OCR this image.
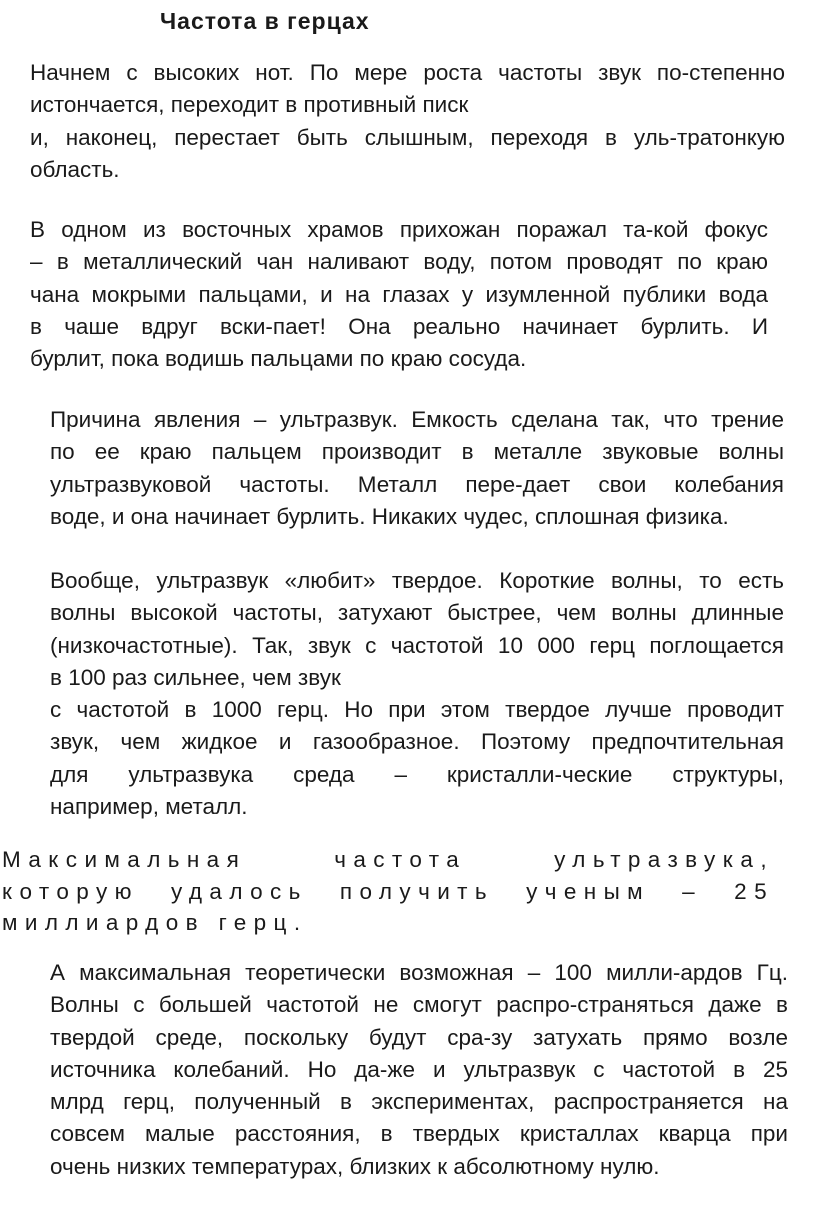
Частота в герцах

Начнем с высоких нот. По мере роста частоты звук по-степенно
истончается, переходит в противный писк
и, наконец, перестает быть слышным, переходя в уль-тратонкую
область.

В одном из восточных храмов прихожан поражал та-кой фокус
– в металлический чан наливают воду, потом проводят по краю
чана мокрыми пальцами, и на глазах у изумленной публики вода
в чаше вдруг вски-пает! Она реально начинает бурлить. И
бурлит, пока водишь пальцами по краю сосуда.

Причина явления – ультразвук. Емкость сделана так, что трение
по ее краю пальцем производит в металле звуковые волны
ультразвуковой частоты. Металл пере-дает свои колебания
воде, и она начинает бурлить. Никаких чудес, сплошная физика.

Вообще, ультразвук «любит» твердое. Короткие волны, то есть
волны высокой частоты, затухают быстрее, чем волны длинные
(низкочастотные). Так, звук с частотой 10 000 герц поглощается
в 100 раз сильнее, чем звук
с частотой в 1000 герц. Но при этом твердое лучше проводит
звук, чем жидкое и газообразное. Поэтому предпочтительная
для ультразвука среда – кристалли-ческие структуры,
например, металл.

Максимальная частота ультразвука,
которую удалось получить ученым – 25
миллиардов герц.

А максимальная теоретически возможная – 100 милли-ардов Гц.
Волны с большей частотой не смогут распро-страняться даже в
твердой среде, поскольку будут сра-зу затухать прямо возле
источника колебаний. Но да-же и ультразвук с частотой в 25
млрд герц, полученный в экспериментах, распространяется на
совсем малые расстояния, в твердых кристаллах кварца при
очень низких температурах, близких к абсолютному нулю.
